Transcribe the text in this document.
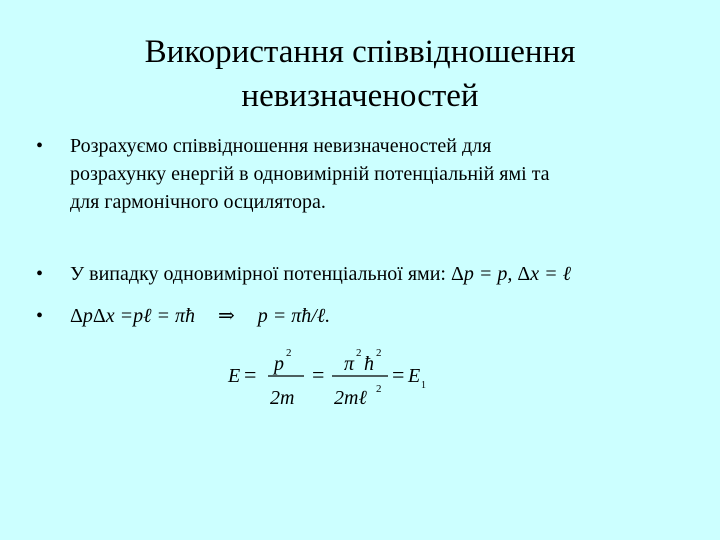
Використання співвідношення
невизначеностей
• Розрахуємо співвідношення невизначеностей для
розрахунку енергій в одновимірній потенціальній ямі та
для гармонічного осцилятора.
• У випадку одновимірної потенціальної ями: Δp = p, Δx = ℓ
• ΔpΔx =pℓ = πħ ⇒ p = πħ/ℓ.
E = p 2
2m
= π 2 ħ 2
2mℓ 2
= E 1
